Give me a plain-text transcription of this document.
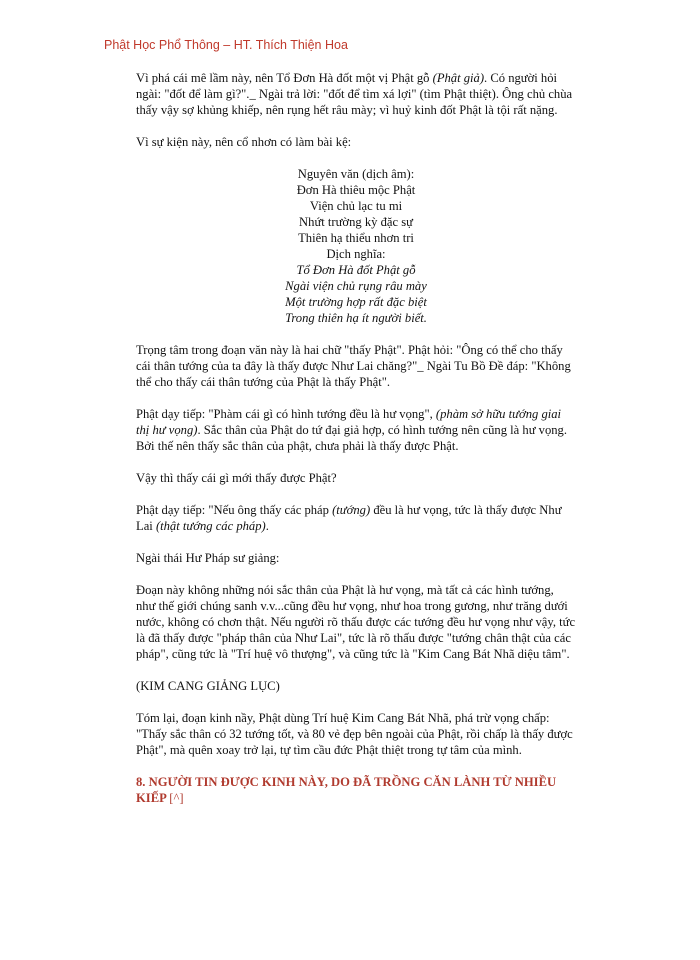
Phật Học Phổ Thông – HT. Thích Thiện Hoa

Vì phá cái mê lầm này, nên Tổ Đơn Hà đốt một vị Phật gỗ (Phật giả). Có người hỏi ngài: "đốt để làm gì?"._ Ngài trả lời: "đốt để tìm xá lợi" (tìm Phật thiệt). Ông chủ chùa thấy vậy sợ khủng khiếp, nên rụng hết râu mày; vì huỷ kinh đốt Phật là tội rất nặng.

Vì sự kiện này, nên cổ nhơn có làm bài kệ:

Nguyên văn (dịch âm):
Đơn Hà thiêu mộc Phật
Viện chủ lạc tu mi
Nhứt trường kỳ đặc sự
Thiên hạ thiểu nhơn tri
Dịch nghĩa:
Tổ Đơn Hà đốt Phật gỗ
Ngài viện chủ rụng râu mày
Một trường hợp rất đặc biệt
Trong thiên hạ ít người biết.

Trọng tâm trong đoạn văn này là hai chữ "thấy Phật". Phật hỏi: "Ông có thể cho thấy cái thân tướng của ta đây là thấy được Như Lai chăng?"_ Ngài Tu Bồ Đề đáp: "Không thể cho thấy cái thân tướng của Phật là thấy Phật".

Phật dạy tiếp: "Phàm cái gì có hình tướng đều là hư vọng", (phàm sở hữu tướng giai thị hư vọng). Sắc thân của Phật do tứ đại giả hợp, có hình tướng nên cũng là hư vọng. Bởi thế nên thấy sắc thân của phật, chưa phải là thấy được Phật.

Vậy thì thấy cái gì mới thấy được Phật?

Phật dạy tiếp: "Nếu ông thấy các pháp (tướng) đều là hư vọng, tức là thấy được Như Lai (thật tướng các pháp).

Ngài thái Hư Pháp sư giảng:

Đoạn này không những nói sắc thân của Phật là hư vọng, mà tất cả các hình tướng, như thế giới chúng sanh v.v...cũng đều hư vọng, như hoa trong gương, như trăng dưới nước, không có chơn thật. Nếu người rõ thấu được các tướng đều hư vọng như vậy, tức là đã thấy được "pháp thân của Như Lai", tức là rõ thấu được "tướng chân thật của các pháp", cũng tức là "Trí huệ vô thượng", và cũng tức là "Kim Cang Bát Nhã diệu tâm".

(KIM CANG GIẢNG LỤC)

Tóm lại, đoạn kinh nầy, Phật dùng Trí huệ Kim Cang Bát Nhã, phá trừ vọng chấp: "Thấy sắc thân có 32 tướng tốt, và 80 vẻ đẹp bên ngoài của Phật, rồi chấp là thấy được Phật", mà quên xoay trở lại, tự tìm cầu đức Phật thiệt trong tự tâm của mình.

8. NGƯỜI TIN ĐƯỢC KINH NÀY, DO ĐÃ TRỒNG CĂN LÀNH TỪ NHIỀU KIẾP [^]
